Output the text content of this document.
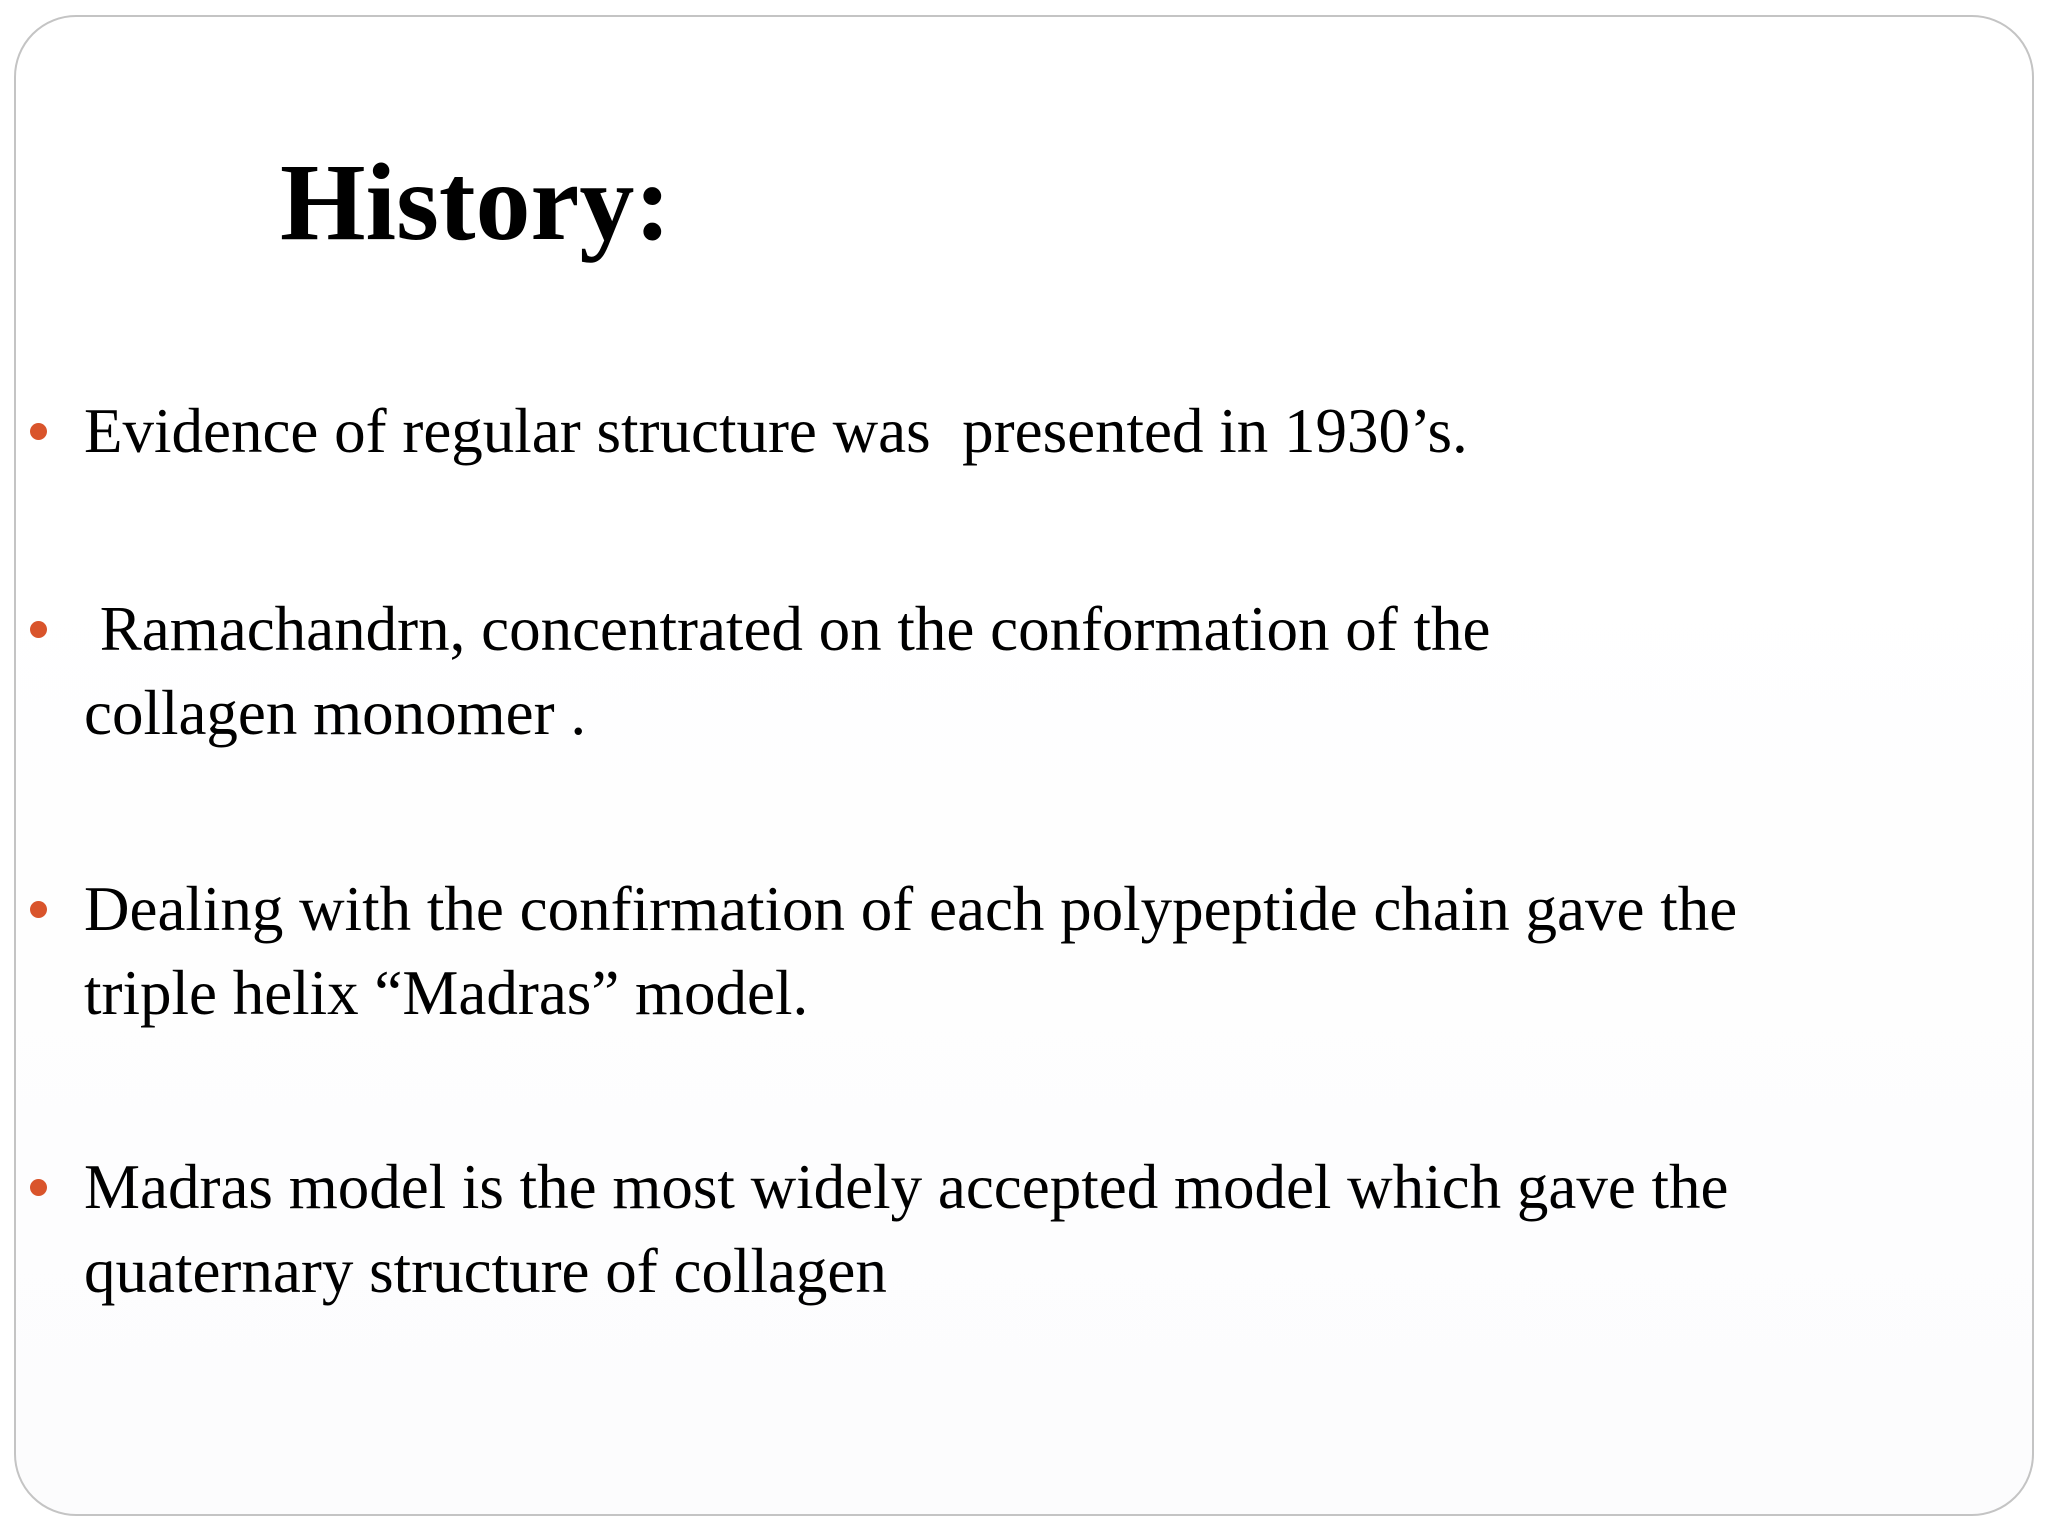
History:
Evidence of regular structure was  presented in 1930’s.
Ramachandrn, concentrated on the conformation of the
collagen monomer .
Dealing with the confirmation of each polypeptide chain gave the
triple helix “Madras” model.
Madras model is the most widely accepted model which gave the
quaternary structure of collagen
